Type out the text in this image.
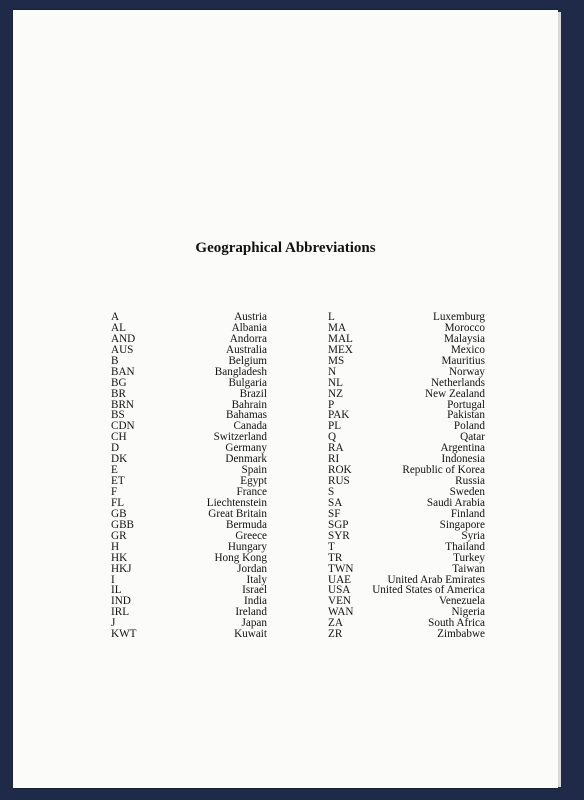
Geographical Abbreviations
A	Austria
AL	Albania
AND	Andorra
AUS	Australia
B	Belgium
BAN	Bangladesh
BG	Bulgaria
BR	Brazil
BRN	Bahrain
BS	Bahamas
CDN	Canada
CH	Switzerland
D	Germany
DK	Denmark
E	Spain
ET	Egypt
F	France
FL	Liechtenstein
GB	Great Britain
GBB	Bermuda
GR	Greece
H	Hungary
HK	Hong Kong
HKJ	Jordan
I	Italy
IL	Israel
IND	India
IRL	Ireland
J	Japan
KWT	Kuwait
L	Luxemburg
MA	Morocco
MAL	Malaysia
MEX	Mexico
MS	Mauritius
N	Norway
NL	Netherlands
NZ	New Zealand
P	Portugal
PAK	Pakistan
PL	Poland
Q	Qatar
RA	Argentina
RI	Indonesia
ROK	Republic of Korea
RUS	Russia
S	Sweden
SA	Saudi Arabia
SF	Finland
SGP	Singapore
SYR	Syria
T	Thailand
TR	Turkey
TWN	Taiwan
UAE	United Arab Emirates
USA	United States of America
VEN	Venezuela
WAN	Nigeria
ZA	South Africa
ZR	Zimbabwe
